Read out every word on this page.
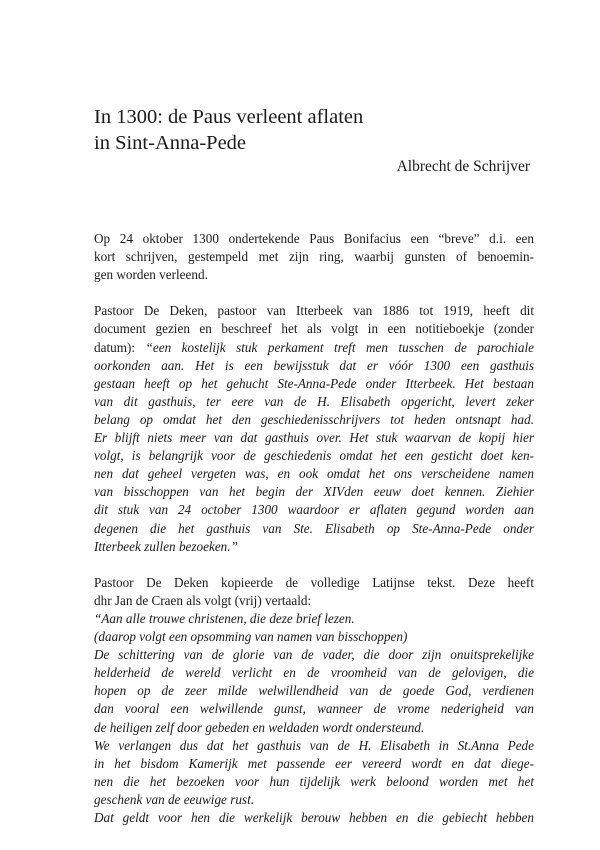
In 1300: de Paus verleent aflaten
in Sint-Anna-Pede
Albrecht de Schrijver

Op 24 oktober 1300 ondertekende Paus Bonifacius een “breve” d.i. een
kort schrijven, gestempeld met zijn ring, waarbij gunsten of benoemin-
gen worden verleend.

Pastoor De Deken, pastoor van Itterbeek van 1886 tot 1919, heeft dit
document gezien en beschreef het als volgt in een notitieboekje (zonder
datum): “een kostelijk stuk perkament treft men tusschen de parochiale
oorkonden aan. Het is een bewijsstuk dat er vóór 1300 een gasthuis
gestaan heeft op het gehucht Ste-Anna-Pede onder Itterbeek. Het bestaan
van dit gasthuis, ter eere van de H. Elisabeth opgericht, levert zeker
belang op omdat het den geschiedenisschrijvers tot heden ontsnapt had.
Er blijft niets meer van dat gasthuis over. Het stuk waarvan de kopij hier
volgt, is belangrijk voor de geschiedenis omdat het een gesticht doet ken-
nen dat geheel vergeten was, en ook omdat het ons verscheidene namen
van bisschoppen van het begin der XIVden eeuw doet kennen. Ziehier
dit stuk van 24 october 1300 waardoor er aflaten gegund worden aan
degenen die het gasthuis van Ste. Elisabeth op Ste-Anna-Pede onder
Itterbeek zullen bezoeken.”

Pastoor De Deken kopieerde de volledige Latijnse tekst. Deze heeft
dhr Jan de Craen als volgt (vrij) vertaald:
“Aan alle trouwe christenen, die deze brief lezen.
(daarop volgt een opsomming van namen van bisschoppen)
De schittering van de glorie van de vader, die door zijn onuitsprekelijke
helderheid de wereld verlicht en de vroomheid van de gelovigen, die
hopen op de zeer milde welwillendheid van de goede God, verdienen
dan vooral een welwillende gunst, wanneer de vrome nederigheid van
de heiligen zelf door gebeden en weldaden wordt ondersteund.
We verlangen dus dat het gasthuis van de H. Elisabeth in St.Anna Pede
in het bisdom Kamerijk met passende eer vereerd wordt en dat diege-
nen die het bezoeken voor hun tijdelijk werk beloond worden met het
geschenk van de eeuwige rust.
Dat geldt voor hen die werkelijk berouw hebben en die gebiecht hebben
